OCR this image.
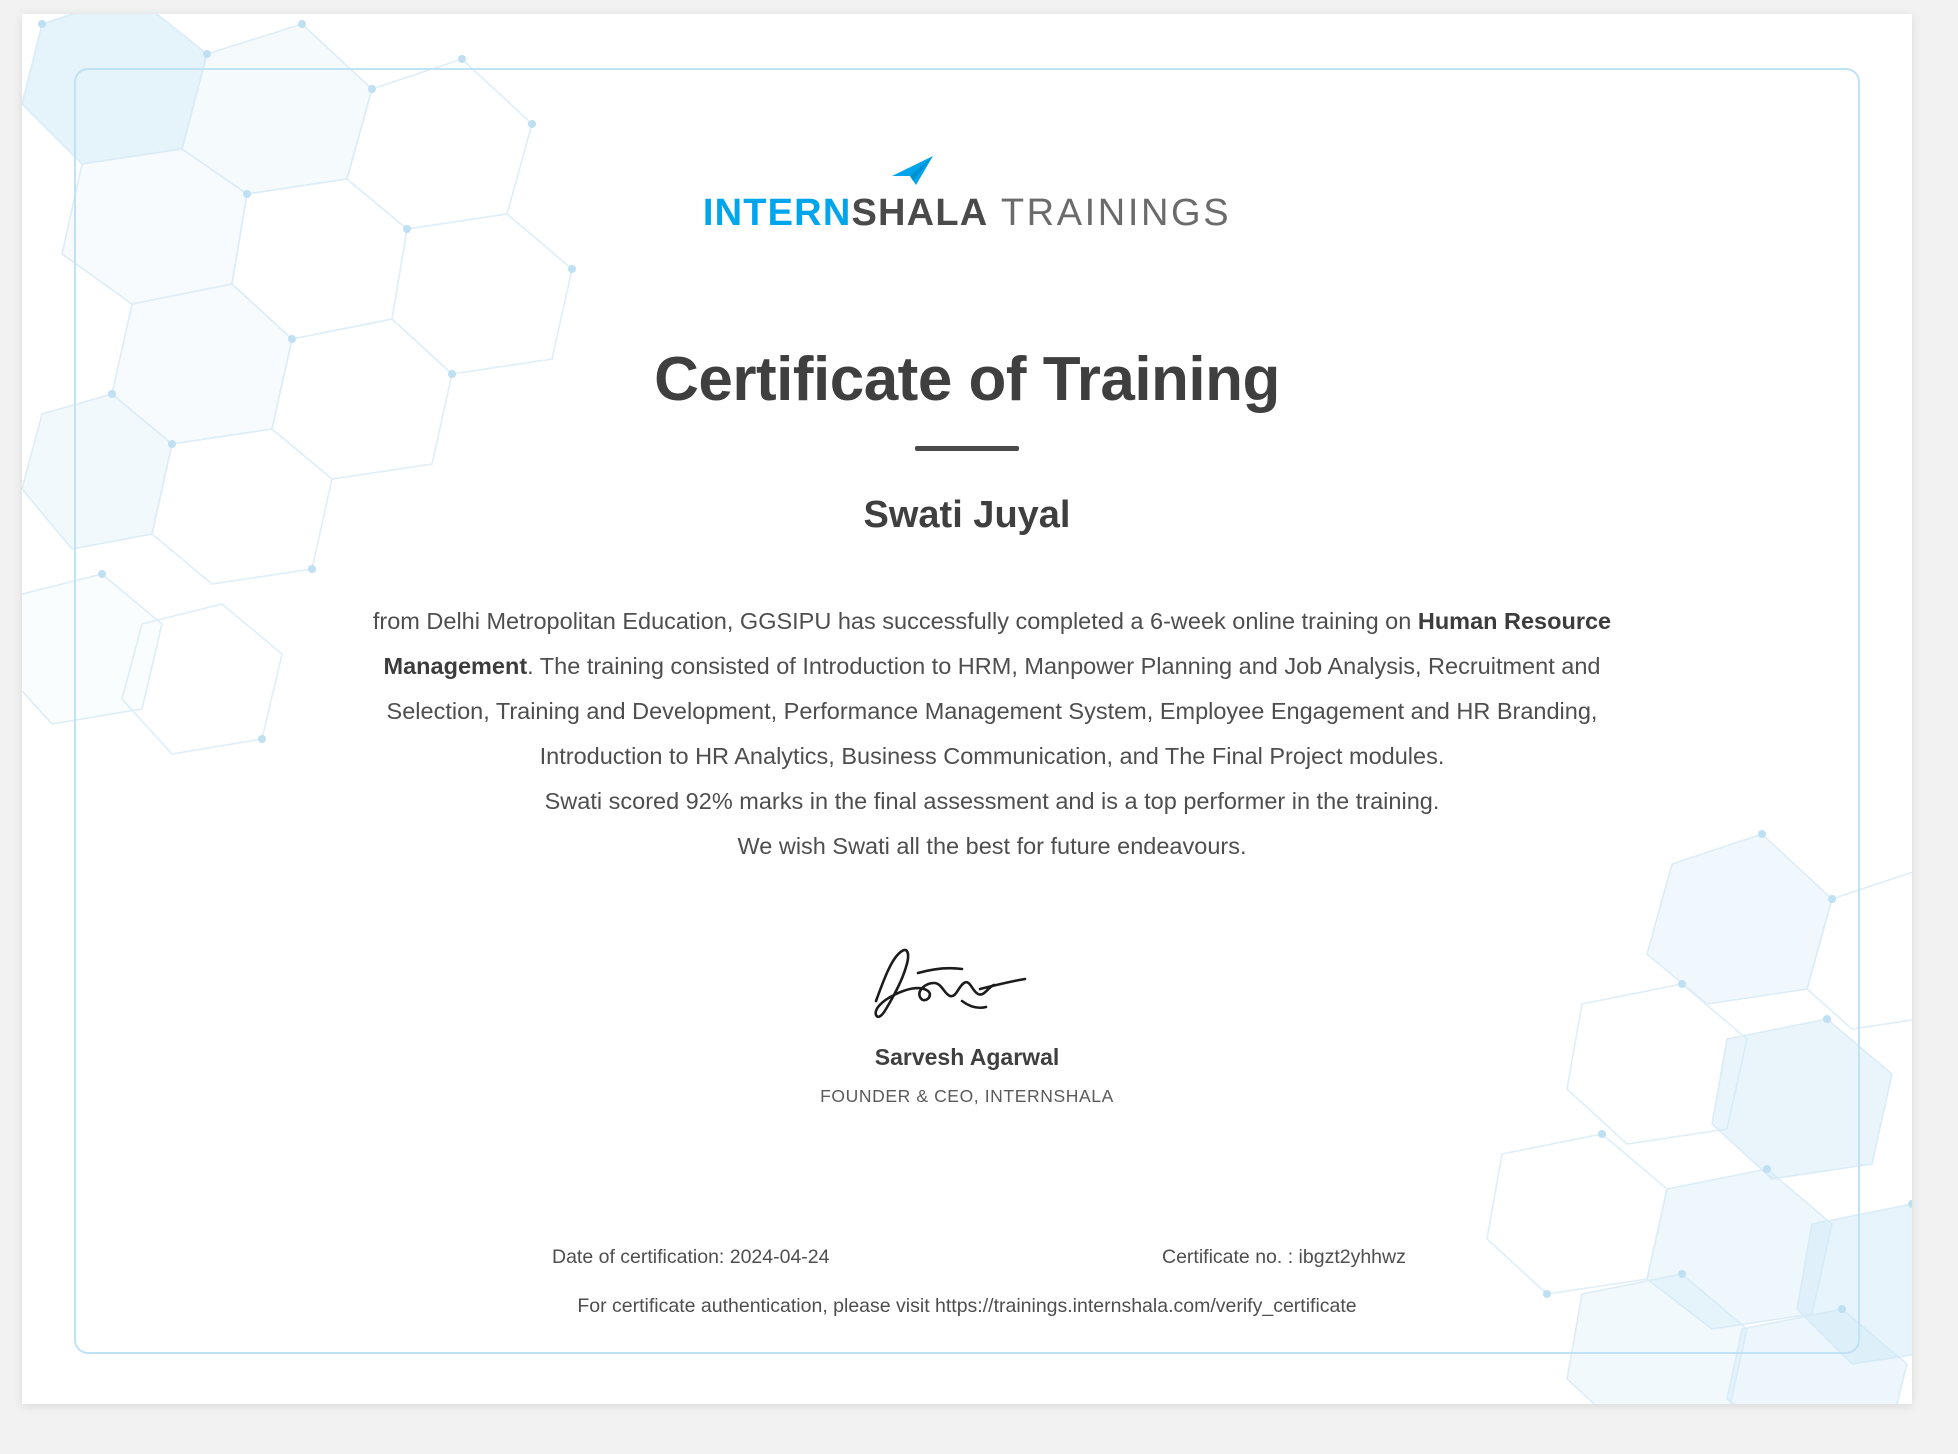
INTERNSHALA TRAININGS
Certificate of Training
Swati Juyal
from Delhi Metropolitan Education, GGSIPU has successfully completed a 6-week online training on Human Resource Management. The training consisted of Introduction to HRM, Manpower Planning and Job Analysis, Recruitment and Selection, Training and Development, Performance Management System, Employee Engagement and HR Branding, Introduction to HR Analytics, Business Communication, and The Final Project modules.
Swati scored 92% marks in the final assessment and is a top performer in the training.
We wish Swati all the best for future endeavours.
Sarvesh Agarwal
FOUNDER & CEO, INTERNSHALA
Date of certification: 2024-04-24	Certificate no. : ibgzt2yhhwz
For certificate authentication, please visit https://trainings.internshala.com/verify_certificate
